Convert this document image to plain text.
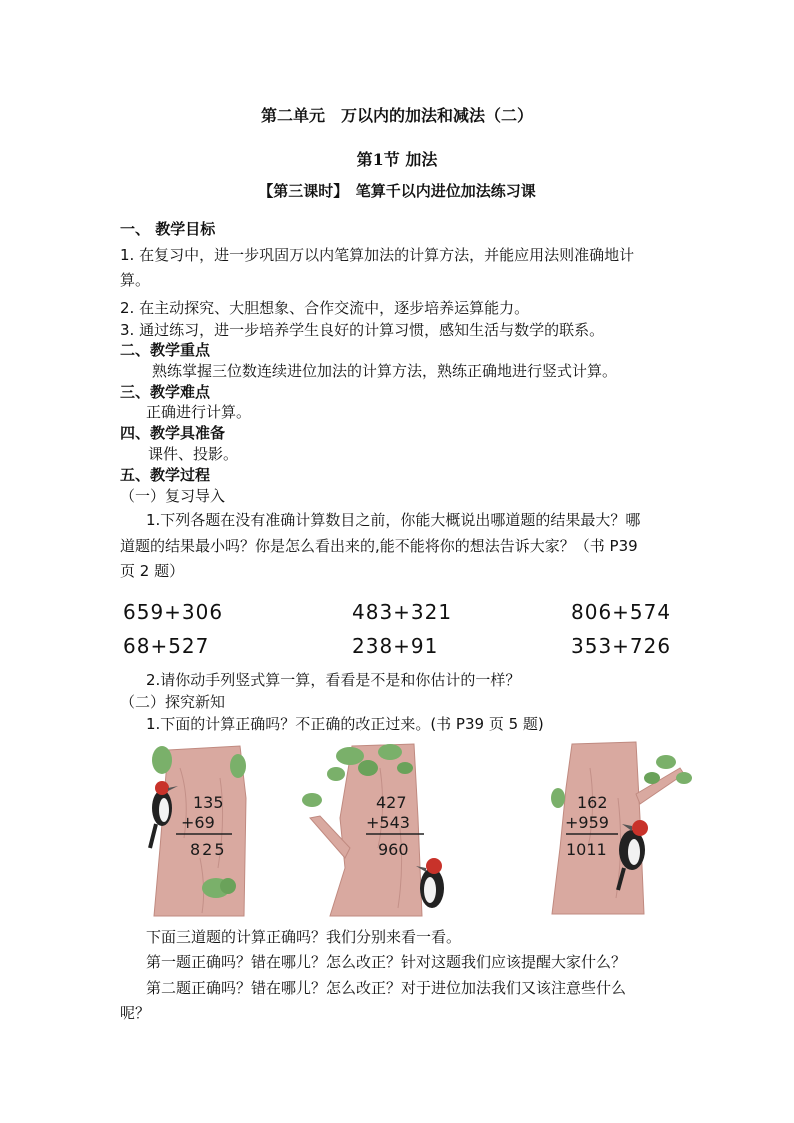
第二单元　万以内的加法和减法（二）
第1节 加法
【第三课时】　笔算千以内进位加法练习课
一、 教学目标
1. 在复习中，进一步巩固万以内笔算加法的计算方法，并能应用法则准确地计
算。
2. 在主动探究、大胆想象、合作交流中，逐步培养运算能力。
3. 通过练习，进一步培养学生良好的计算习惯，感知生活与数学的联系。
二、教学重点
熟练掌握三位数连续进位加法的计算方法，熟练正确地进行竖式计算。
三、教学难点
正确进行计算。
四、教学具准备
课件、投影。
五、教学过程
（一）复习导入
1.下列各题在没有准确计算数目之前，你能大概说出哪道题的结果最大？哪
道题的结果最小吗？你是怎么看出来的,能不能将你的想法告诉大家？（书 P39
页 2 题）
659+306	483+321	806+574
68+527	238+91	353+726
2.请你动手列竖式算一算，看看是不是和你估计的一样？
（二）探究新知
1.下面的计算正确吗？不正确的改正过来。(书 P39 页 5 题)
135
+69
825
427
+543
960
162
+959
1011
下面三道题的计算正确吗？我们分别来看一看。
第一题正确吗？错在哪儿？怎么改正？针对这题我们应该提醒大家什么？
第二题正确吗？错在哪儿？怎么改正？对于进位加法我们又该注意些什么
呢？
